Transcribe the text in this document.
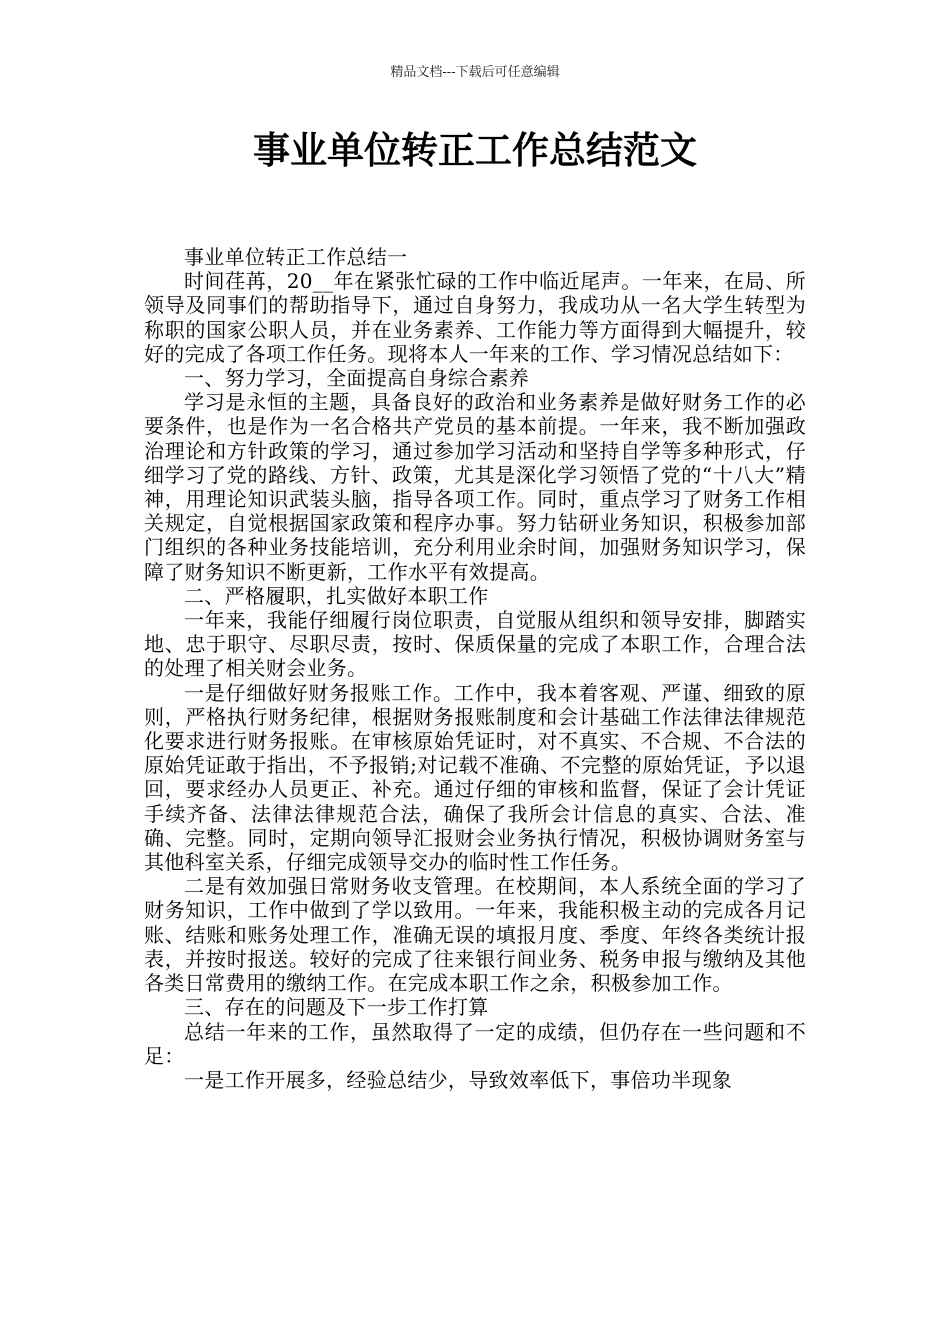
精品文档---下载后可任意编辑
事业单位转正工作总结范文

事业单位转正工作总结一

时间荏苒，20__年在紧张忙碌的工作中临近尾声。一年来，在局、所领导及同事们的帮助指导下，通过自身努力，我成功从一名大学生转型为称职的国家公职人员，并在业务素养、工作能力等方面得到大幅提升，较好的完成了各项工作任务。现将本人一年来的工作、学习情况总结如下：

一、努力学习，全面提高自身综合素养

学习是永恒的主题，具备良好的政治和业务素养是做好财务工作的必要条件，也是作为一名合格共产党员的基本前提。一年来，我不断加强政治理论和方针政策的学习，通过参加学习活动和坚持自学等多种形式，仔细学习了党的路线、方针、政策，尤其是深化学习领悟了党的“十八大”精神，用理论知识武装头脑，指导各项工作。同时，重点学习了财务工作相关规定，自觉根据国家政策和程序办事。努力钻研业务知识，积极参加部门组织的各种业务技能培训，充分利用业余时间，加强财务知识学习，保障了财务知识不断更新，工作水平有效提高。

二、严格履职，扎实做好本职工作

一年来，我能仔细履行岗位职责，自觉服从组织和领导安排，脚踏实地、忠于职守、尽职尽责，按时、保质保量的完成了本职工作，合理合法的处理了相关财会业务。

一是仔细做好财务报账工作。工作中，我本着客观、严谨、细致的原则，严格执行财务纪律，根据财务报账制度和会计基础工作法律法律规范化要求进行财务报账。在审核原始凭证时，对不真实、不合规、不合法的原始凭证敢于指出，不予报销;对记载不准确、不完整的原始凭证，予以退回，要求经办人员更正、补充。通过仔细的审核和监督，保证了会计凭证手续齐备、法律法律规范合法，确保了我所会计信息的真实、合法、准确、完整。同时，定期向领导汇报财会业务执行情况，积极协调财务室与其他科室关系，仔细完成领导交办的临时性工作任务。

二是有效加强日常财务收支管理。在校期间，本人系统全面的学习了财务知识，工作中做到了学以致用。一年来，我能积极主动的完成各月记账、结账和账务处理工作，准确无误的填报月度、季度、年终各类统计报表，并按时报送。较好的完成了往来银行间业务、税务申报与缴纳及其他各类日常费用的缴纳工作。在完成本职工作之余，积极参加工作。

三、存在的问题及下一步工作打算

总结一年来的工作，虽然取得了一定的成绩，但仍存在一些问题和不足：

一是工作开展多，经验总结少，导致效率低下，事倍功半现象
